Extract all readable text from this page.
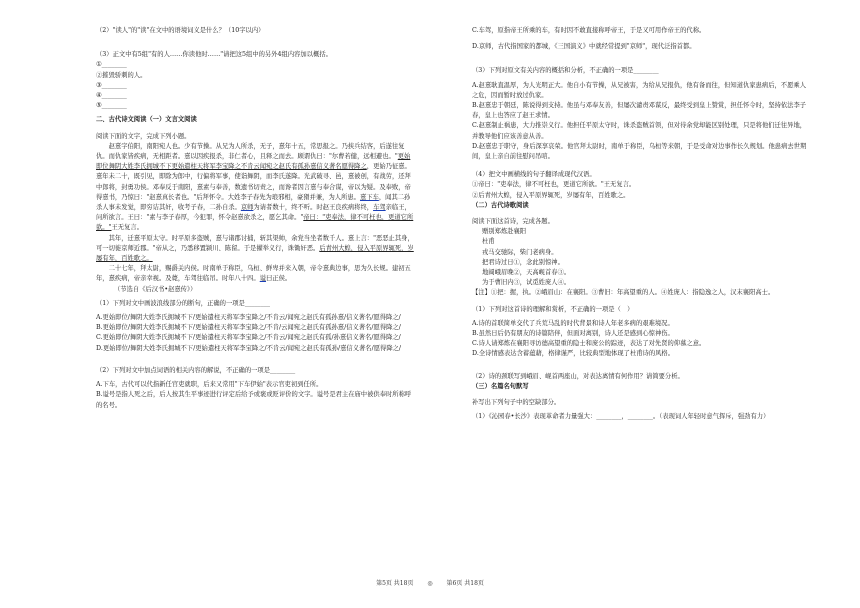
（2）"读人"的"读"在文中的语境词义是什么？（10字以内）

（3）正文中有5组"有的人……你读他时……"请把这5组中的另外4组内容加以概括。

①________

②摧毁骄刺的人。

③________

④________

⑤________

二、古代诗文阅读（一）文言文阅读

阅读下面的文字，完成下列小题。

　　赵憙字伯阳，南阳宛人也。少有节操。从兄为人所杀，无子，憙年十五，常思报之。乃挟兵结客，后遂往复仇。而仇家皆疾病，无相距者。憙以因疾报杀，非仁者心，且释之而去。顾谓仇曰："尔曹若健，远相避也。"更始即位舞阴大姓李氏拥城不下更始遣柱天将军李宝降之不肯云闻宛之赵氏有孤孙憙信义著名愿得降之，更始乃征憙。憙年未二十，既引见，即除为郎中，行偏将军事，使诣舞阴，而李氏遂降。光武破寻、邑，憙被创，有战劳，还拜中郎将，封勇功侯。邓奉反于南阳，憙素与奉善，数遗书切责之，而谗者因言憙与奉合谋，帝以为疑。及奉败，帝得憙书，乃惊曰："赵憙真长者也。"后拜怀令。大姓李子春先为琅邪相，豪猾并兼，为人所患。憙下车，闻其二孙杀人事未发觉，即穷诘其奸，收考子春，二孙自杀。京师为请者数十，终不听。时赵王良疾病将终，车驾亲临王，问所欲言。王曰："素与李子春厚，今犯罪，怀令赵憙欲杀之，愿乞其命。"帝曰："吏奉法，律不可枉也，更道它所欲。"王无复言。

　　其年，迁憙平原太守。时平原多盗贼，憙与诸郡讨捕，斩其渠帅，余党当坐者数千人。憙上言："恶恶止其身，可一切徙京师近郡。"帝从之，乃悉移置颍川、陈留。于是擢举义行，诛锄奸恶。后青州大蝗，侵入平原界辄死，岁屡有年，百姓歌之。

　　二十七年，拜太尉，赐爵关内侯。时南单于称臣，乌桓、鲜卑并来入朝，帝令憙典边事，思为久长规。建初五年，憙疾病，帝亲幸视。及薨，车驾往临吊。时年八十四。谥曰正侯。

（节选自《后汉书•赵憙传》）

（1）下列对文中画波浪线部分的断句，正确的一项是________

A.更始即位/舞阴大姓李氏拥城不下/更始遣柱天将军李宝降之/不肯云/闻宛之赵氏有孤孙憙/信义著名/愿得降之/

B.更始即位/舞阴大姓李氏拥城不下/更始遣柱天将军李宝降之/不肯/云闻宛之赵氏有孤孙憙/信义著名/愿得降之/

C.更始即位/舞阴大姓李氏拥城不下/更始遣柱天将军李宝降之/不肯云/闻宛之赵氏有孤/孙憙信义著名/愿得降之/

D.更始即位/舞阴大姓李氏拥城不下/更始遣柱天将军李宝降之/不肯云/闻宛之赵氏有孤孙/憙信义著名/愿得降之/

（2）下列对文中加点词语的相关内容的解说，不正确的一项是________

A.下车，古代可以代指新任官吏就职，后来又常用"下车伊始"表示官吏初到任所。

B.谥号是指人死之后，后人按其生平事迹进行评定后给予或褒或贬评价的文字。谥号是君主在庙中被供奉时所称呼的名号。

C.车驾，原指帝王所乘的车，有时因不敢直接称呼帝王，于是又可用作帝王的代称。

D.京师，古代指国家的都城，《三国演义》中就经常提到"京师"，现代泛指首都。

（3）下列对原文有关内容的概括和分析，不正确的一项是________

A.赵憙耿直温厚，为人光明正大。他自小有节操，从兄被害，为给从兄报仇，他有备而往，但知道仇家患病后，不愿乘人之危，因而暂时放过仇家。

B.赵憙忠于朝廷，陈说得到支持。他虽与邓奉友善，但屡次谴责邓谋反，最终受到皇上赞赏，担任怀令时，坚持依法李子春，皇上也答应了赵王求情。

C.赵憙制止祸患，大力推崇义行。他担任平原太守时，诛杀盗贼首领，但对待余党却能区别处理，只是将他们迁往异地，并教导他们应该善意从善。

D.赵憙忠于职守，身后深享哀荣。他官拜太尉时，南单于称臣，乌桓等来朝，于是受命对边事作长久规划。他患病去世期间，皇上亲自前往慰问吊唁。

（4）把文中画横线的句子翻译成现代汉语。

①帝曰："吏奉法，律不可枉也，更道它所欲。"王无复言。

②后青州大蝗，侵入平原界辄死，岁屡有年，百姓歌之。

（二）古代诗歌阅读

阅读下面这首诗，完成各题。

赠别郑炼赴襄阳

杜甫

戎马交驰际，柴门老病身。

把君诗过日①，念此别惊神。

地阔峨眉晚②，天高岘首春③。

为于曹旧内③，试觅姓庞人④。

【注】①把：握，执。②峨眉山：在襄阳。③曹旧：年高望重的人。④姓庞人：指隐逸之人，汉末襄阳高士。

（1）下列对这首诗的理解和赏析，不正确的一项是（　）

A.诗的首联简单交代了兵荒马乱的时代背景和诗人年老多病的艰难境况。

B.虽然日后仍有朋友的诗篇陪伴，但面对离别，诗人还是感到心惊神伤。

C.诗人请郑炼在襄阳寻访德高望重的隐士和庞公的踪迹，表达了对先贤的仰慕之意。

D.全诗情感表达含蓄蕴藉，格律谨严，比较典型地体现了杜甫诗的风格。

（2）诗的颈联写到峨眉、岘首两座山，对表达离情有何作用？请简要分析。

（三）名篇名句默写

补写出下列句子中的空缺部分。

（1）《沁园春•长沙》表现革命者力量强大：________，________。（表现词人年轻时意气挥斥，强劲有力）

第5页 共18页 ◎ 第6页 共18页
